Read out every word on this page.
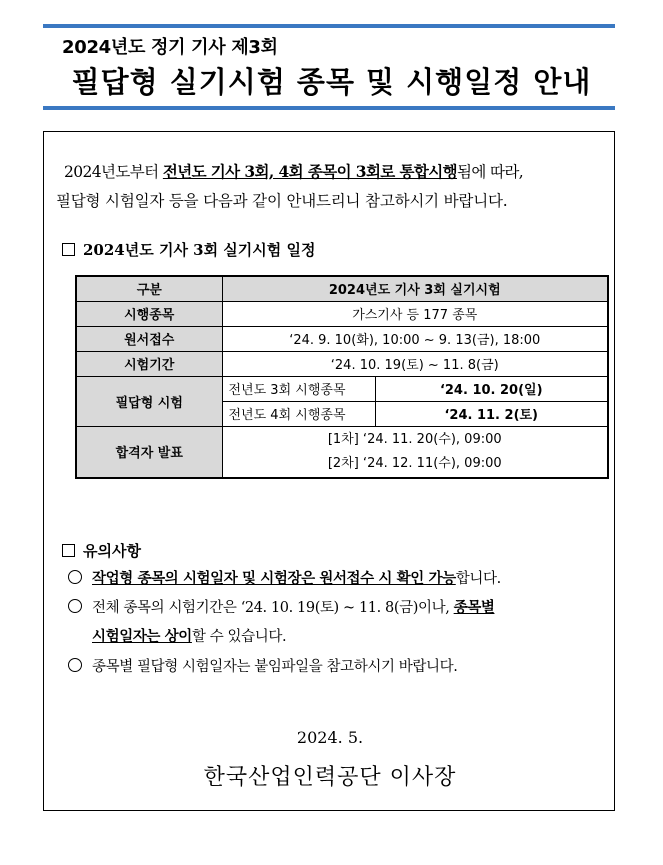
2024년도 정기 기사 제3회
필답형 실기시험 종목 및 시행일정 안내
2024년도부터 전년도 기사 3회, 4회 종목이 3회로 통합시행됨에 따라,
필답형 시험일자 등을 다음과 같이 안내드리니 참고하시기 바랍니다.
2024년도 기사 3회 실기시험 일정
구분	2024년도 기사 3회 실기시험	
시행종목	가스기사 등 177 종목	
원서접수	‘24. 9. 10(화), 10:00 ~ 9. 13(금), 18:00	
시험기간	‘24. 10. 19(토) ~ 11. 8(금)	
필답형 시험	전년도 3회 시행종목	‘24. 10. 20(일)
	전년도 4회 시행종목	‘24. 11. 2(토)
합격자 발표	[1차] ‘24. 11. 20(수), 09:00
[2차] ‘24. 12. 11(수), 09:00	
유의사항
작업형 종목의 시험일자 및 시험장은 원서접수 시 확인 가능합니다.
전체 종목의 시험기간은 ‘24. 10. 19(토) ~ 11. 8(금)이나, 종목별
시험일자는 상이할 수 있습니다.
종목별 필답형 시험일자는 붙임파일을 참고하시기 바랍니다.
2024. 5.
한국산업인력공단 이사장
